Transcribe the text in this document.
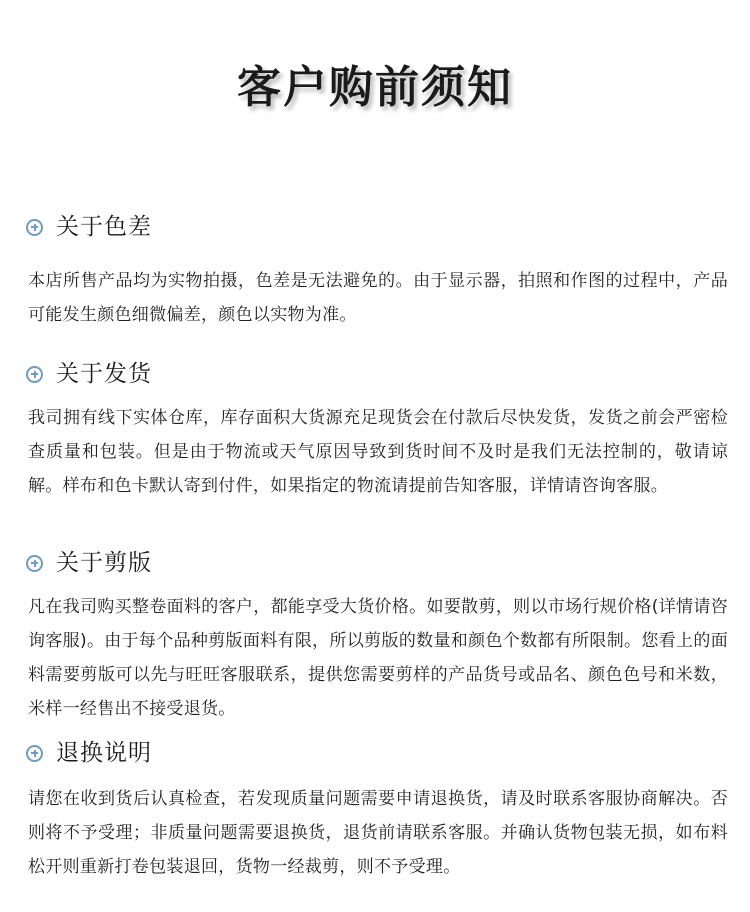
客户购前须知
关于色差
本店所售产品均为实物拍摄，色差是无法避免的。由于显示器，拍照和作图的过程中，产品可能发生颜色细微偏差，颜色以实物为准。
关于发货
我司拥有线下实体仓库，库存面积大货源充足现货会在付款后尽快发货，发货之前会严密检查质量和包装。但是由于物流或天气原因导致到货时间不及时是我们无法控制的，敬请谅解。样布和色卡默认寄到付件，如果指定的物流请提前告知客服，详情请咨询客服。
关于剪版
凡在我司购买整卷面料的客户，都能享受大货价格。如要散剪，则以市场行规价格(详情请咨询客服)。由于每个品种剪版面料有限，所以剪版的数量和颜色个数都有所限制。您看上的面料需要剪版可以先与旺旺客服联系，提供您需要剪样的产品货号或品名、颜色色号和米数，米样一经售出不接受退货。
退换说明
请您在收到货后认真检查，若发现质量问题需要申请退换货，请及时联系客服协商解决。否则将不予受理；非质量问题需要退换货，退货前请联系客服。并确认货物包装无损，如布料松开则重新打卷包装退回，货物一经裁剪，则不予受理。
